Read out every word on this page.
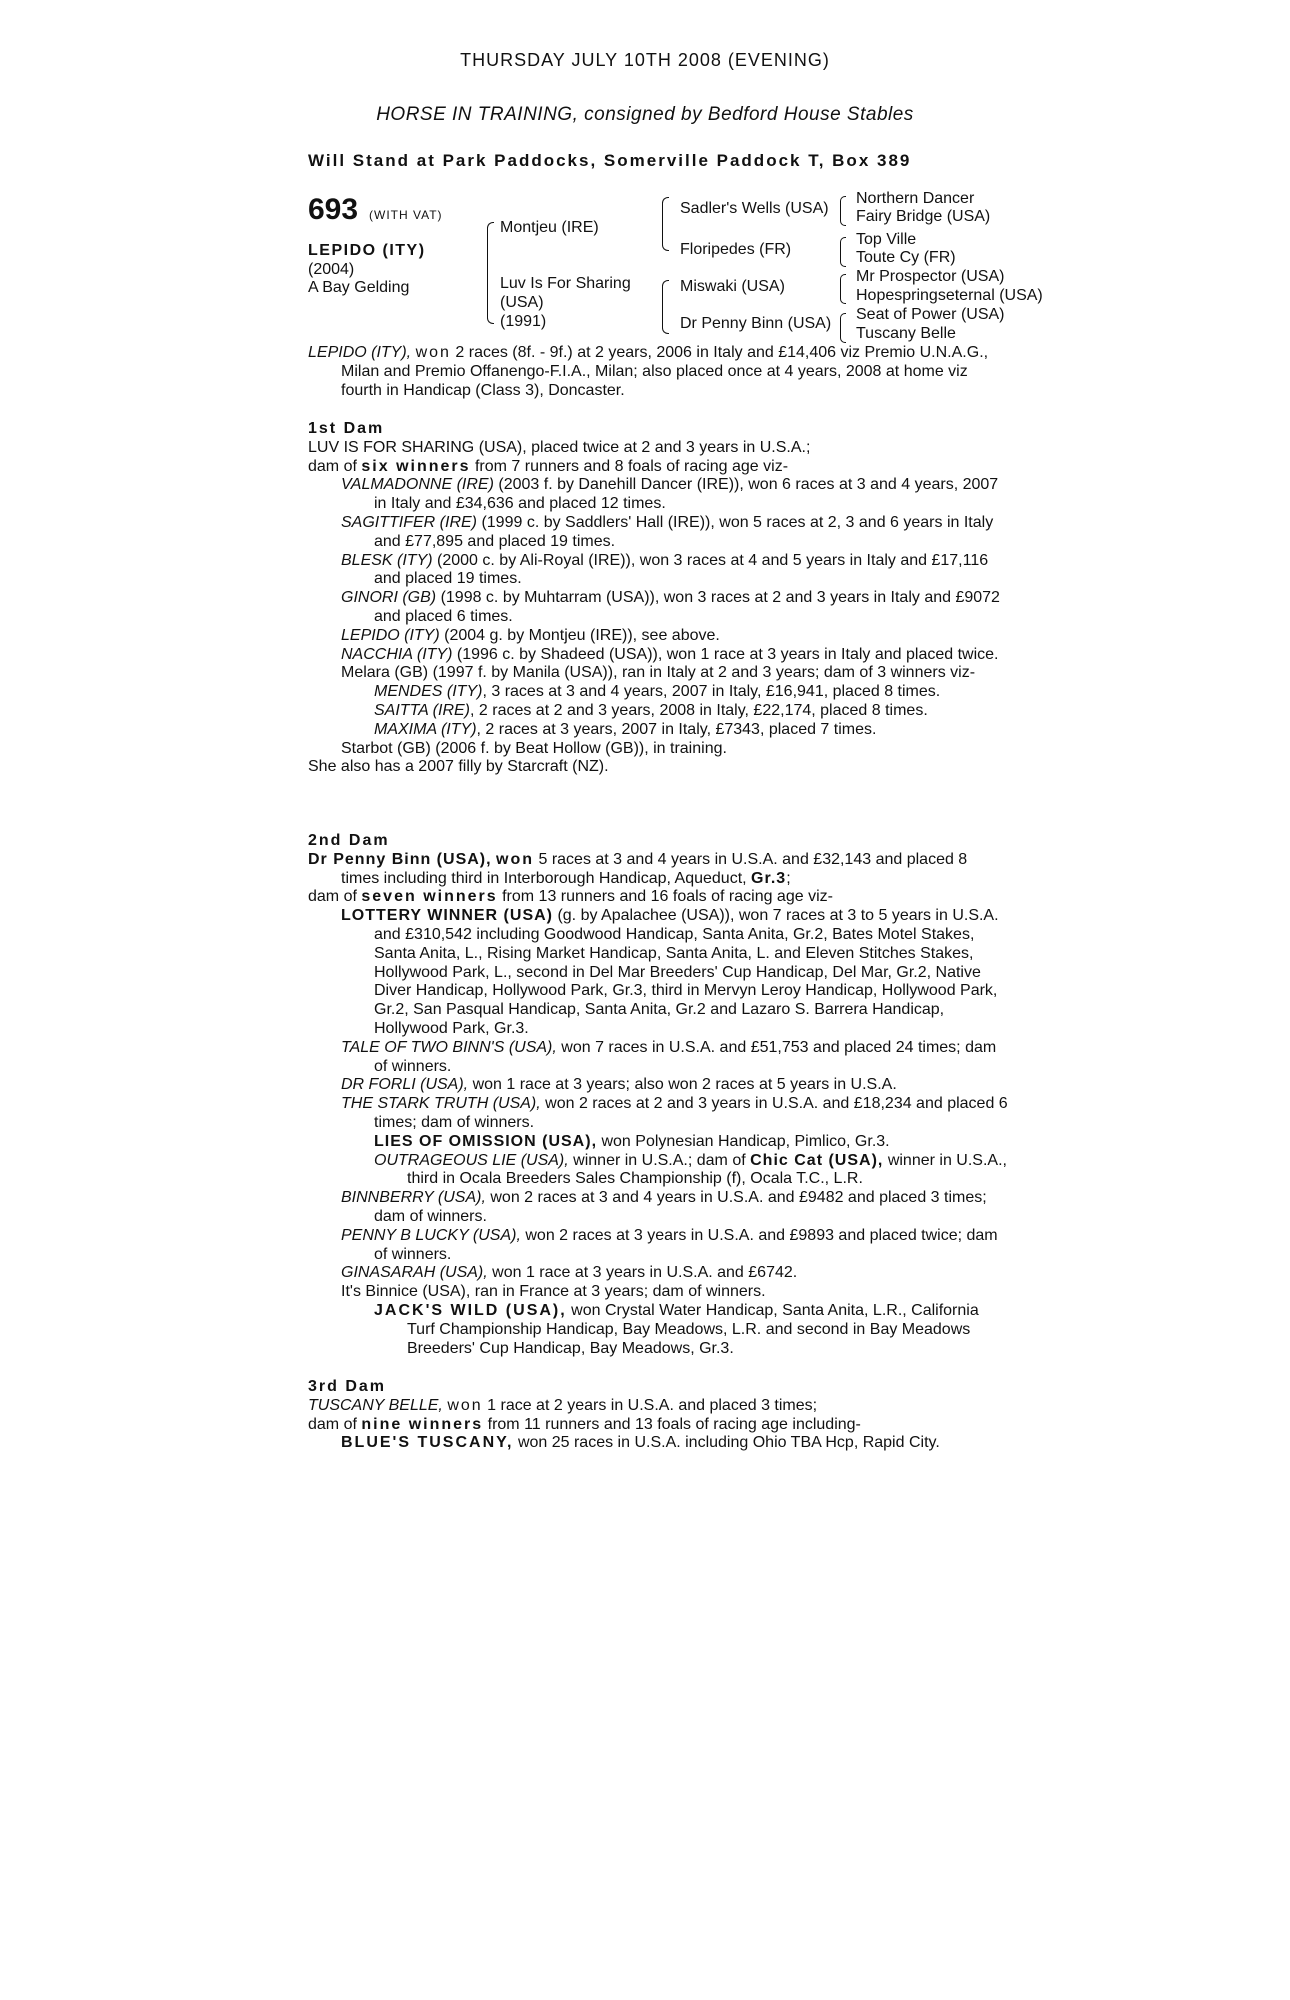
THURSDAY JULY 10TH 2008 (EVENING)
HORSE IN TRAINING, consigned by Bedford House Stables
Will Stand at Park Paddocks, Somerville Paddock T, Box 389
693 (WITH VAT)
LEPIDO (ITY)
(2004)
A Bay Gelding
Montjeu (IRE)
Luv Is For Sharing
(USA)
(1991)
Sadler's Wells (USA)
Floripedes (FR)
Miswaki (USA)
Dr Penny Binn (USA)
Northern Dancer
Fairy Bridge (USA)
Top Ville
Toute Cy (FR)
Mr Prospector (USA)
Hopespringseternal (USA)
Seat of Power (USA)
Tuscany Belle

LEPIDO (ITY), won 2 races (8f. - 9f.) at 2 years, 2006 in Italy and £14,406 viz Premio U.N.A.G., Milan and Premio Offanengo-F.I.A., Milan; also placed once at 4 years, 2008 at home viz fourth in Handicap (Class 3), Doncaster.

1st Dam

LUV IS FOR SHARING (USA), placed twice at 2 and 3 years in U.S.A.;

dam of six winners from 7 runners and 8 foals of racing age viz-

VALMADONNE (IRE) (2003 f. by Danehill Dancer (IRE)), won 6 races at 3 and 4 years, 2007 in Italy and £34,636 and placed 12 times.

SAGITTIFER (IRE) (1999 c. by Saddlers' Hall (IRE)), won 5 races at 2, 3 and 6 years in Italy and £77,895 and placed 19 times.

BLESK (ITY) (2000 c. by Ali-Royal (IRE)), won 3 races at 4 and 5 years in Italy and £17,116 and placed 19 times.

GINORI (GB) (1998 c. by Muhtarram (USA)), won 3 races at 2 and 3 years in Italy and £9072 and placed 6 times.

LEPIDO (ITY) (2004 g. by Montjeu (IRE)), see above.

NACCHIA (ITY) (1996 c. by Shadeed (USA)), won 1 race at 3 years in Italy and placed twice.

Melara (GB) (1997 f. by Manila (USA)), ran in Italy at 2 and 3 years; dam of 3 winners viz-

MENDES (ITY), 3 races at 3 and 4 years, 2007 in Italy, £16,941, placed 8 times.

SAITTA (IRE), 2 races at 2 and 3 years, 2008 in Italy, £22,174, placed 8 times.

MAXIMA (ITY), 2 races at 3 years, 2007 in Italy, £7343, placed 7 times.

Starbot (GB) (2006 f. by Beat Hollow (GB)), in training.

She also has a 2007 filly by Starcraft (NZ).

2nd Dam

Dr Penny Binn (USA), won 5 races at 3 and 4 years in U.S.A. and £32,143 and placed 8 times including third in Interborough Handicap, Aqueduct, Gr.3;

dam of seven winners from 13 runners and 16 foals of racing age viz-

LOTTERY WINNER (USA) (g. by Apalachee (USA)), won 7 races at 3 to 5 years in U.S.A. and £310,542 including Goodwood Handicap, Santa Anita, Gr.2, Bates Motel Stakes, Santa Anita, L., Rising Market Handicap, Santa Anita, L. and Eleven Stitches Stakes, Hollywood Park, L., second in Del Mar Breeders' Cup Handicap, Del Mar, Gr.2, Native Diver Handicap, Hollywood Park, Gr.3, third in Mervyn Leroy Handicap, Hollywood Park, Gr.2, San Pasqual Handicap, Santa Anita, Gr.2 and Lazaro S. Barrera Handicap, Hollywood Park, Gr.3.

TALE OF TWO BINN'S (USA), won 7 races in U.S.A. and £51,753 and placed 24 times; dam of winners.

DR FORLI (USA), won 1 race at 3 years; also won 2 races at 5 years in U.S.A.

THE STARK TRUTH (USA), won 2 races at 2 and 3 years in U.S.A. and £18,234 and placed 6 times; dam of winners.

LIES OF OMISSION (USA), won Polynesian Handicap, Pimlico, Gr.3.

OUTRAGEOUS LIE (USA), winner in U.S.A.; dam of Chic Cat (USA), winner in U.S.A., third in Ocala Breeders Sales Championship (f), Ocala T.C., L.R.

BINNBERRY (USA), won 2 races at 3 and 4 years in U.S.A. and £9482 and placed 3 times; dam of winners.

PENNY B LUCKY (USA), won 2 races at 3 years in U.S.A. and £9893 and placed twice; dam of winners.

GINASARAH (USA), won 1 race at 3 years in U.S.A. and £6742.

It's Binnice (USA), ran in France at 3 years; dam of winners.

JACK'S WILD (USA), won Crystal Water Handicap, Santa Anita, L.R., California Turf Championship Handicap, Bay Meadows, L.R. and second in Bay Meadows Breeders' Cup Handicap, Bay Meadows, Gr.3.

3rd Dam

TUSCANY BELLE, won 1 race at 2 years in U.S.A. and placed 3 times;

dam of nine winners from 11 runners and 13 foals of racing age including-

BLUE'S TUSCANY, won 25 races in U.S.A. including Ohio TBA Hcp, Rapid City.
